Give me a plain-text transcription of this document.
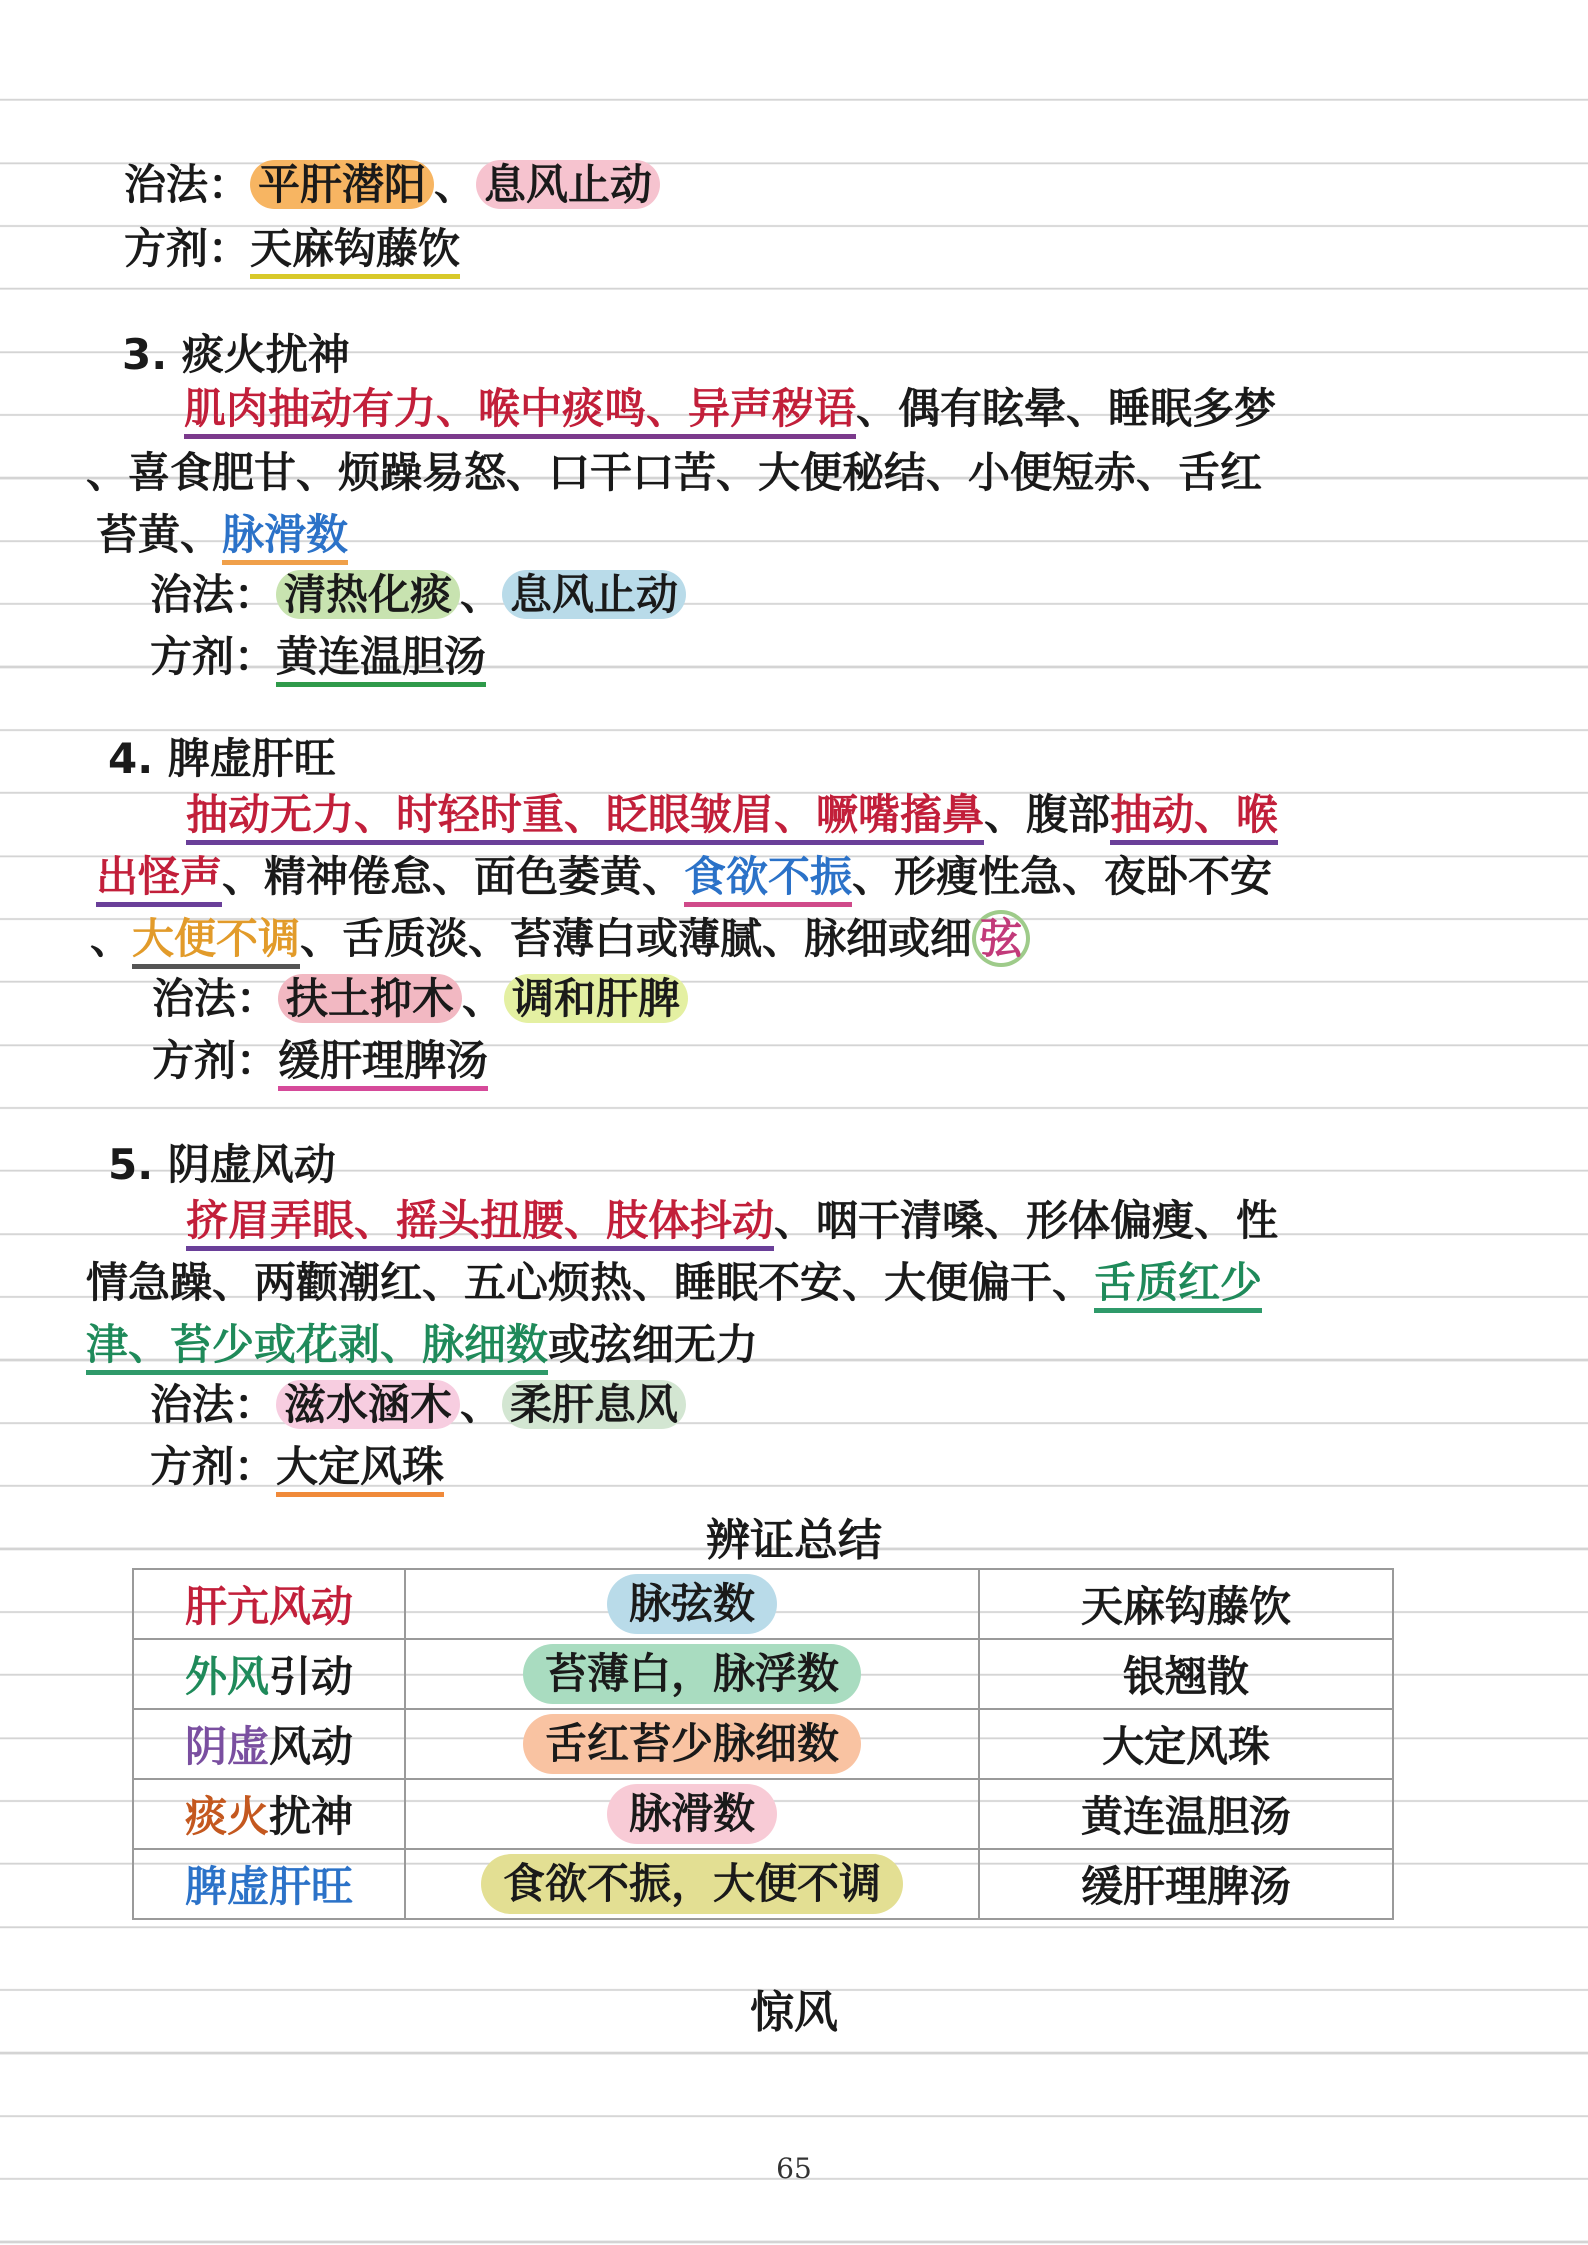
治法： 平肝潜阳 、 息风止动
方剂：天麻钩藤饮
3. 痰火扰神
肌肉抽动有力、喉中痰鸣、异声秽语、偶有眩晕、睡眠多梦
、喜食肥甘、烦躁易怒、口干口苦、大便秘结、小便短赤、舌红
苔黄、脉滑数
治法： 清热化痰 、 息风止动
方剂：黄连温胆汤
4. 脾虚肝旺
抽动无力、时轻时重、眨眼皱眉、噘嘴搐鼻、腹部抽动、喉
出怪声、精神倦怠、面色萎黄、食欲不振、形瘦性急、夜卧不安
、大便不调、舌质淡、苔薄白或薄腻、脉细或细 弦
治法： 扶土抑木 、 调和肝脾
方剂：缓肝理脾汤
5. 阴虚风动
挤眉弄眼、摇头扭腰、肢体抖动、咽干清嗓、形体偏瘦、性
情急躁、两颧潮红、五心烦热、睡眠不安、大便偏干、舌质红少
津、苔少或花剥、脉细数或弦细无力
治法： 滋水涵木 、 柔肝息风
方剂：大定风珠
辨证总结
肝亢风动	脉弦数	天麻钩藤饮
外风引动	苔薄白，脉浮数	银翘散
阴虚风动	舌红苔少脉细数	大定风珠
痰火扰神	脉滑数	黄连温胆汤
脾虚肝旺	食欲不振，大便不调	缓肝理脾汤
惊风
65
